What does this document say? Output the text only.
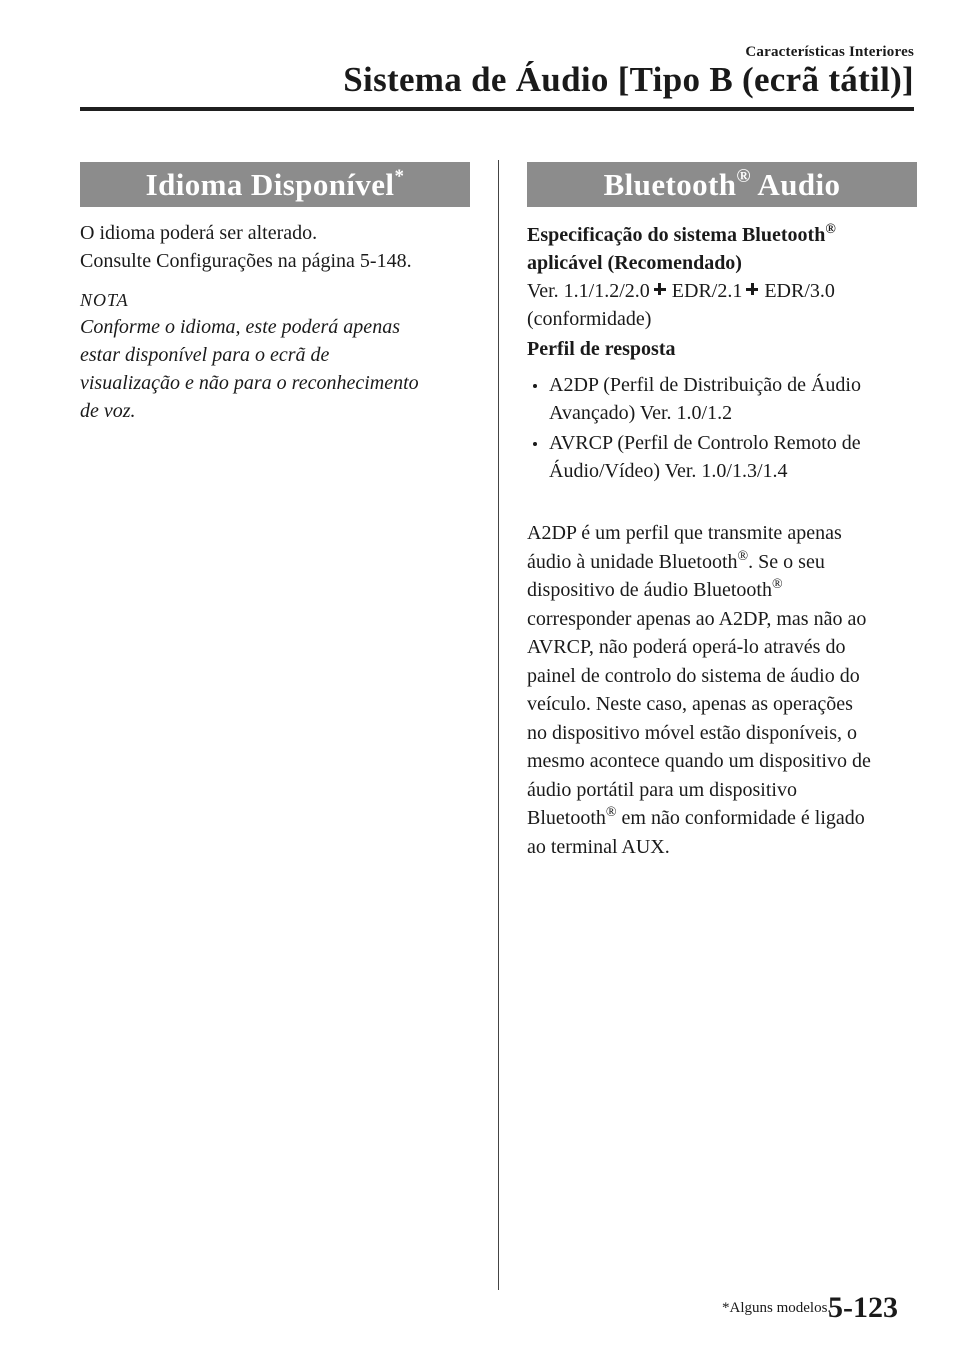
Características Interiores
Sistema de Áudio [Tipo B (ecrã tátil)]
Idioma Disponível*

O idioma poderá ser alterado.

Consulte Configurações na página 5-148.

NOTA

Conforme o idioma, este poderá apenas

estar disponível para o ecrã de

visualização e não para o reconhecimento

de voz.

Bluetooth® Audio
Especificação do sistema Bluetooth®
aplicável (Recomendado)
Ver. 1.1/1.2/2.0 EDR/2.1 EDR/3.0
(conformidade)
Perfil de resposta
A2DP (Perfil de Distribuição de Áudio
Avançado) Ver. 1.0/1.2
AVRCP (Perfil de Controlo Remoto de
Áudio/Vídeo) Ver. 1.0/1.3/1.4
A2DP é um perfil que transmite apenas
áudio à unidade Bluetooth®. Se o seu
dispositivo de áudio Bluetooth®
corresponder apenas ao A2DP, mas não ao
AVRCP, não poderá operá-lo através do
painel de controlo do sistema de áudio do
veículo. Neste caso, apenas as operações
no dispositivo móvel estão disponíveis, o
mesmo acontece quando um dispositivo de
áudio portátil para um dispositivo
Bluetooth® em não conformidade é ligado
ao terminal AUX.
*Alguns modelos.
5-123
